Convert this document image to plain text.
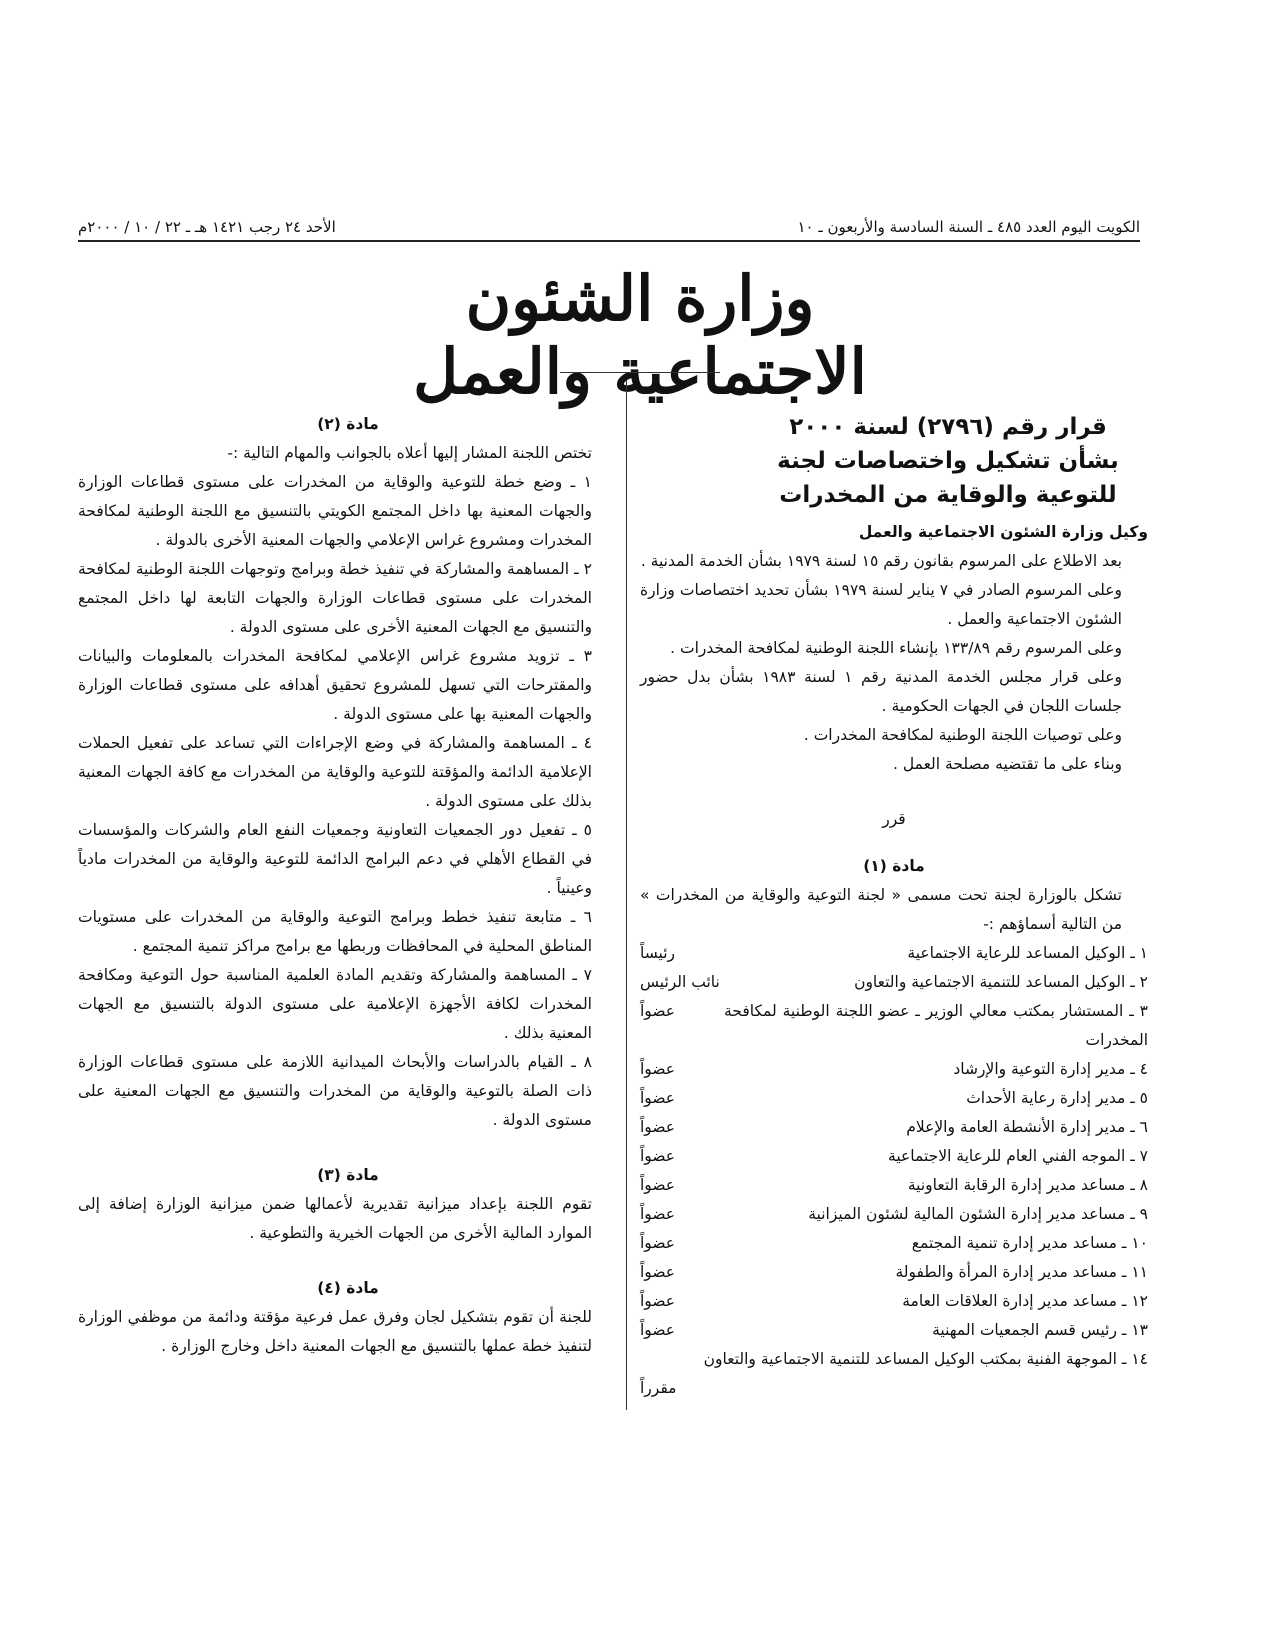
الكويت اليوم العدد ٤٨٥ ـ السنة السادسة والأربعون ـ ١٠
الأحد ٢٤ رجب ١٤٢١ هـ ـ ٢٢ / ١٠ / ٢٠٠٠م
وزارة الشئون الاجتماعية والعمل
قرار رقم (٢٧٩٦) لسنة ٢٠٠٠
بشأن تشكيل واختصاصات لجنة
للتوعية والوقاية من المخدرات

وكيل وزارة الشئون الاجتماعية والعمل

بعد الاطلاع على المرسوم بقانون رقم ١٥ لسنة ١٩٧٩ بشأن الخدمة المدنية .

وعلى المرسوم الصادر في ٧ يناير لسنة ١٩٧٩ بشأن تحديد اختصاصات وزارة الشئون الاجتماعية والعمل .

وعلى المرسوم رقم ١٣٣/٨٩ بإنشاء اللجنة الوطنية لمكافحة المخدرات .

وعلى قرار مجلس الخدمة المدنية رقم ١ لسنة ١٩٨٣ بشأن بدل حضور جلسات اللجان في الجهات الحكومية .

وعلى توصيات اللجنة الوطنية لمكافحة المخدرات .

وبناء على ما تقتضيه مصلحة العمل .

قرر

مادة (١)

تشكل بالوزارة لجنة تحت مسمى « لجنة التوعية والوقاية من المخدرات » من التالية أسماؤهم :-

١ ـ الوكيل المساعد للرعاية الاجتماعية
رئيساً
٢ ـ الوكيل المساعد للتنمية الاجتماعية والتعاون
نائب الرئيس
٣ ـ المستشار بمكتب معالي الوزير ـ عضو اللجنة الوطنية لمكافحة المخدرات
عضواً
٤ ـ مدير إدارة التوعية والإرشاد
عضواً
٥ ـ مدير إدارة رعاية الأحداث
عضواً
٦ ـ مدير إدارة الأنشطة العامة والإعلام
عضواً
٧ ـ الموجه الفني العام للرعاية الاجتماعية
عضواً
٨ ـ مساعد مدير إدارة الرقابة التعاونية
عضواً
٩ ـ مساعد مدير إدارة الشئون المالية لشئون الميزانية
عضواً
١٠ ـ مساعد مدير إدارة تنمية المجتمع
عضواً
١١ ـ مساعد مدير إدارة المرأة والطفولة
عضواً
١٢ ـ مساعد مدير إدارة العلاقات العامة
عضواً
١٣ ـ رئيس قسم الجمعيات المهنية
عضواً

١٤ ـ الموجهة الفنية بمكتب الوكيل المساعد للتنمية الاجتماعية والتعاون

مقرراً

مادة (٢)

تختص اللجنة المشار إليها أعلاه بالجوانب والمهام التالية :-

١ ـ وضع خطة للتوعية والوقاية من المخدرات على مستوى قطاعات الوزارة والجهات المعنية بها داخل المجتمع الكويتي بالتنسيق مع اللجنة الوطنية لمكافحة المخدرات ومشروع غراس الإعلامي والجهات المعنية الأخرى بالدولة .

٢ ـ المساهمة والمشاركة في تنفيذ خطة وبرامج وتوجهات اللجنة الوطنية لمكافحة المخدرات على مستوى قطاعات الوزارة والجهات التابعة لها داخل المجتمع والتنسيق مع الجهات المعنية الأخرى على مستوى الدولة .

٣ ـ تزويد مشروع غراس الإعلامي لمكافحة المخدرات بالمعلومات والبيانات والمقترحات التي تسهل للمشروع تحقيق أهدافه على مستوى قطاعات الوزارة والجهات المعنية بها على مستوى الدولة .

٤ ـ المساهمة والمشاركة في وضع الإجراءات التي تساعد على تفعيل الحملات الإعلامية الدائمة والمؤقتة للتوعية والوقاية من المخدرات مع كافة الجهات المعنية بذلك على مستوى الدولة .

٥ ـ تفعيل دور الجمعيات التعاونية وجمعيات النفع العام والشركات والمؤسسات في القطاع الأهلي في دعم البرامج الدائمة للتوعية والوقاية من المخدرات مادياً وعينياً .

٦ ـ متابعة تنفيذ خطط وبرامج التوعية والوقاية من المخدرات على مستويات المناطق المحلية في المحافظات وربطها مع برامج مراكز تنمية المجتمع .

٧ ـ المساهمة والمشاركة وتقديم المادة العلمية المناسبة حول التوعية ومكافحة المخدرات لكافة الأجهزة الإعلامية على مستوى الدولة بالتنسيق مع الجهات المعنية بذلك .

٨ ـ القيام بالدراسات والأبحاث الميدانية اللازمة على مستوى قطاعات الوزارة ذات الصلة بالتوعية والوقاية من المخدرات والتنسيق مع الجهات المعنية على مستوى الدولة .

مادة (٣)

تقوم اللجنة بإعداد ميزانية تقديرية لأعمالها ضمن ميزانية الوزارة إضافة إلى الموارد المالية الأخرى من الجهات الخيرية والتطوعية .

مادة (٤)

للجنة أن تقوم بتشكيل لجان وفرق عمل فرعية مؤقتة ودائمة من موظفي الوزارة لتنفيذ خطة عملها بالتنسيق مع الجهات المعنية داخل وخارج الوزارة .
